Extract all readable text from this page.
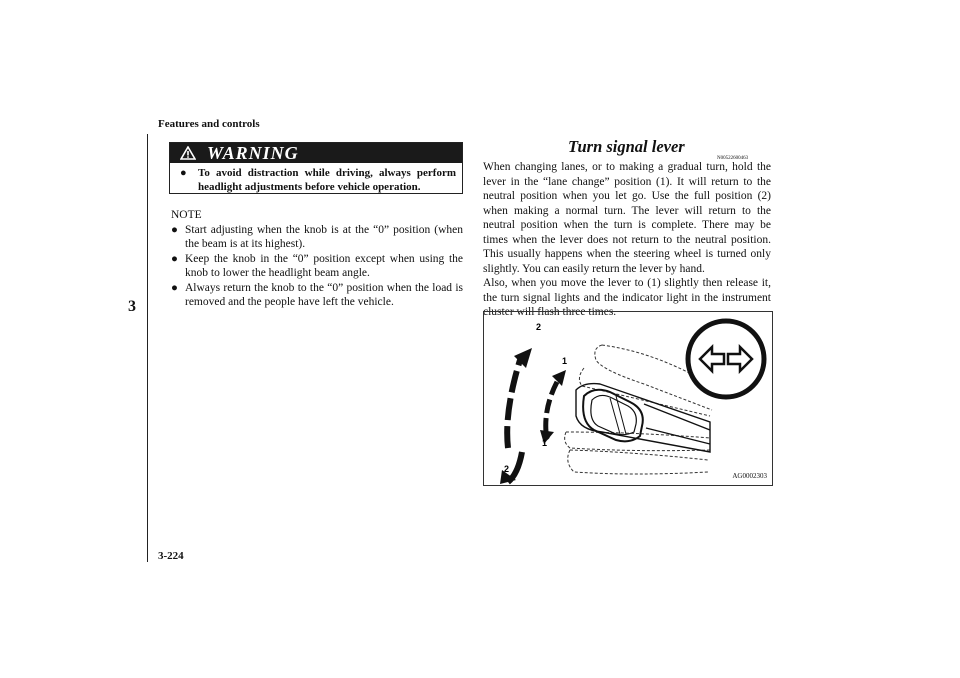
Features and controls
3
3-224
WARNING
●	To avoid distraction while driving, always perform headlight adjustments before vehicle operation.
NOTE
● Start adjusting when the knob is at the “0” position (when the beam is at its highest).
● Keep the knob in the “0” position except when using the knob to lower the headlight beam angle.
● Always return the knob to the “0” position when the load is removed and the people have left the vehicle.
Turn signal lever
N00522600463

When changing lanes, or to making a gradual turn, hold the lever in the “lane change” position (1). It will return to the neutral position when you let go. Use the full position (2) when making a normal turn. The lever will return to the neutral position when the turn is complete. There may be times when the lever does not return to the neutral position. This usually happens when the steering wheel is turned only slightly. You can easily return the lever by hand.

Also, when you move the lever to (1) slightly then release it, the turn signal lights and the indicator light in the instrument cluster will flash three times.

2
1
1
2
AG0002303
